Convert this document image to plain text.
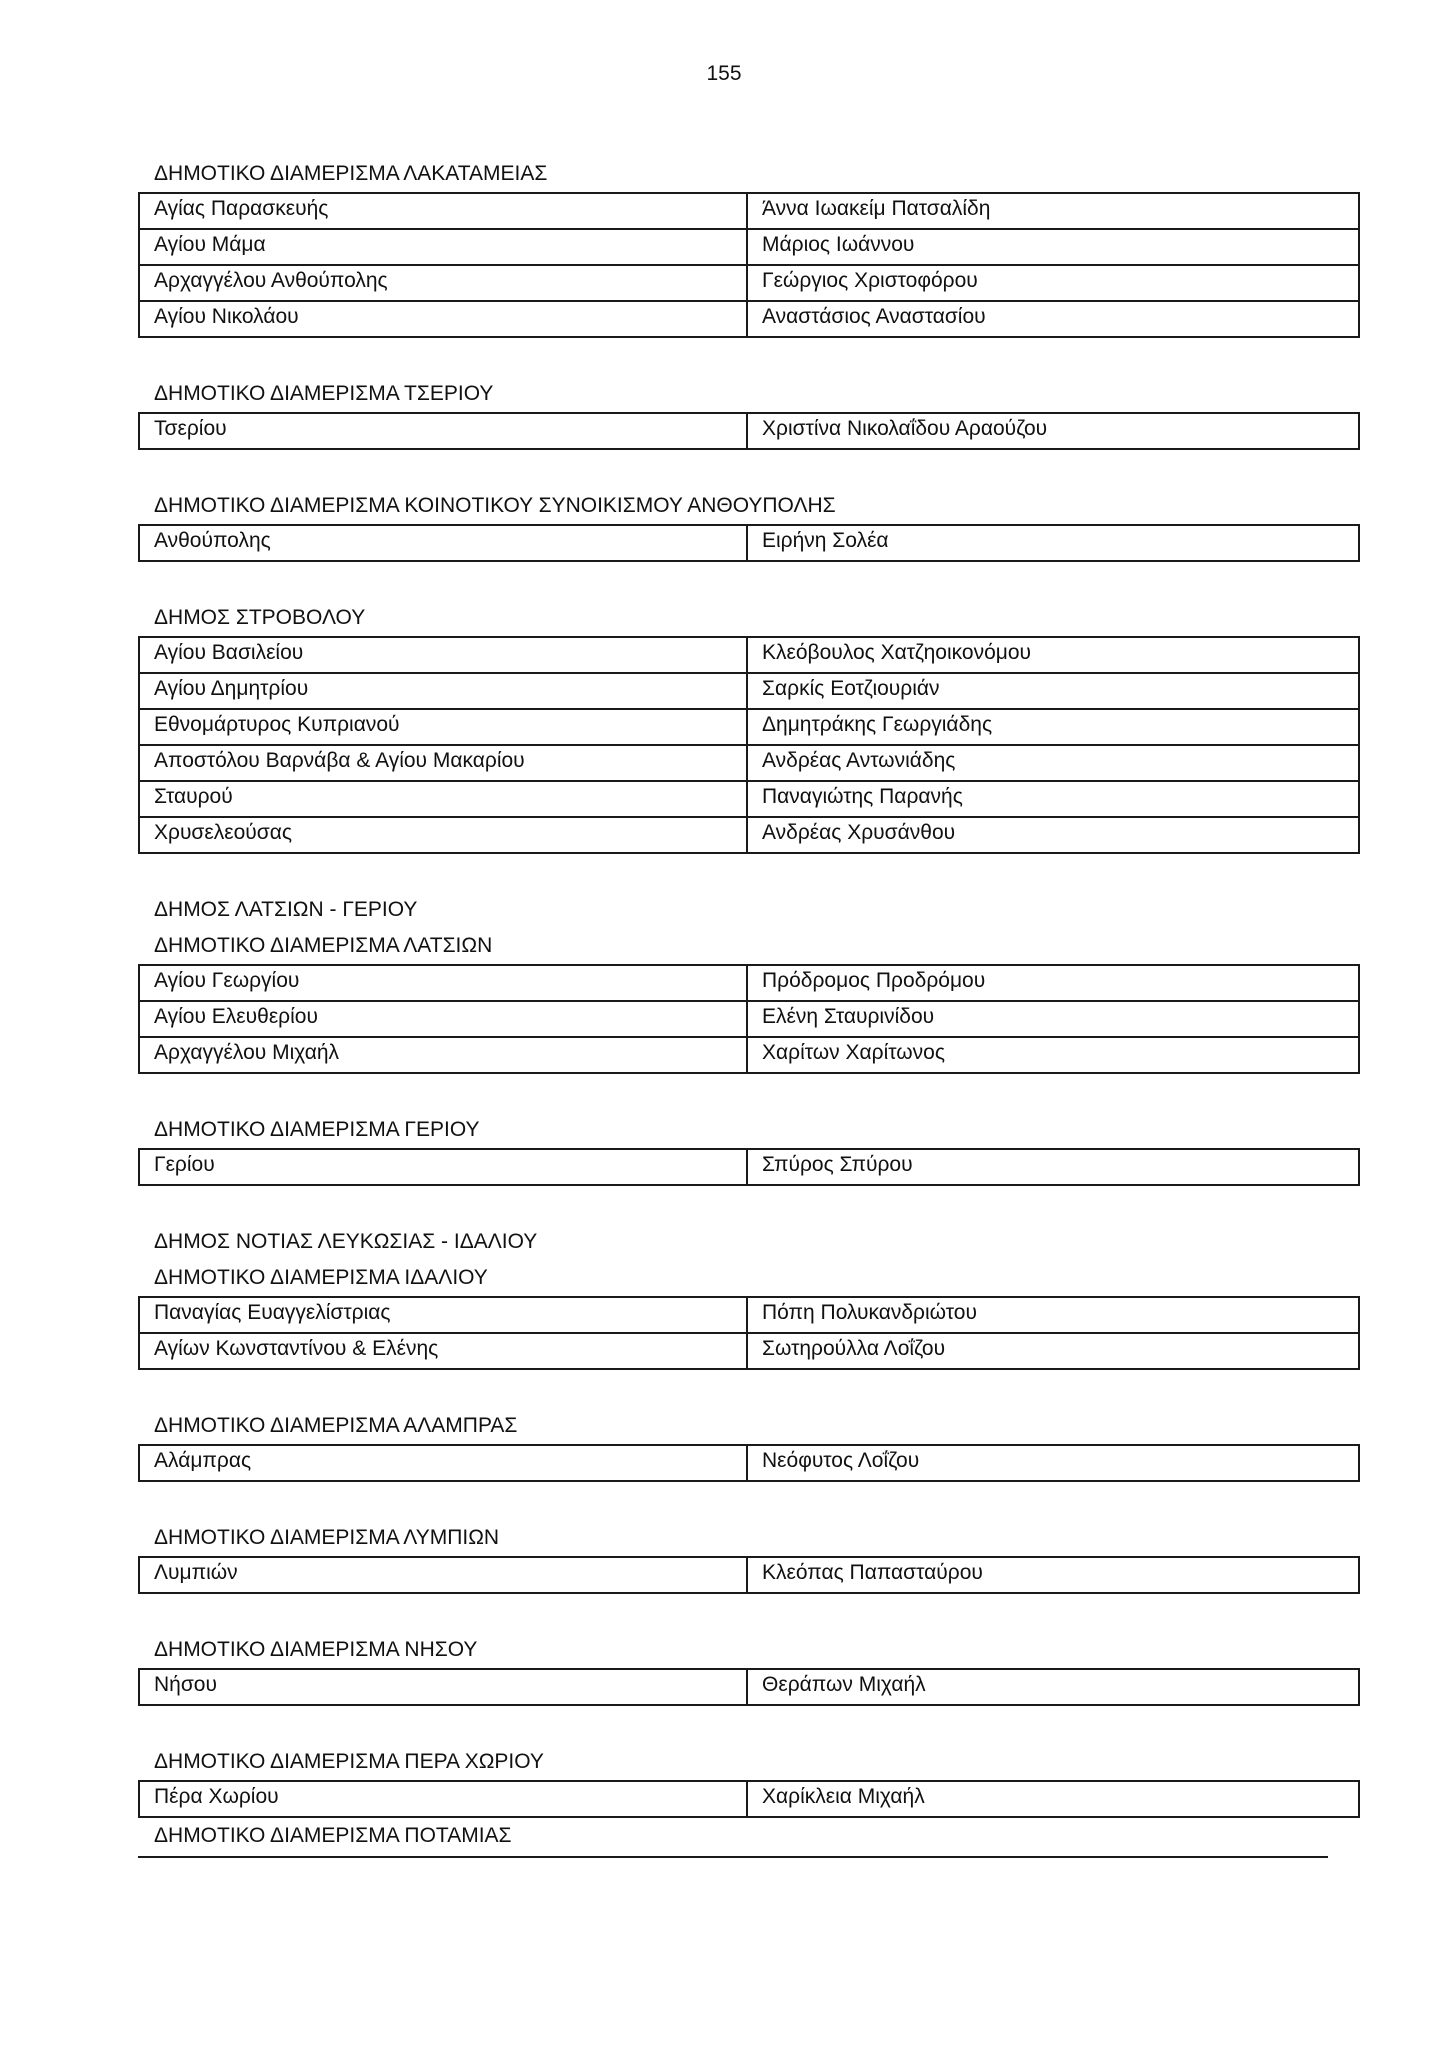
155
ΔΗΜΟΤΙΚΟ ΔΙΑΜΕΡΙΣΜΑ ΛΑΚΑΤΑΜΕΙΑΣ
Αγίας Παρασκευής	Άννα Ιωακείμ Πατσαλίδη
Αγίου Μάμα	Μάριος Ιωάννου
Αρχαγγέλου Ανθούπολης	Γεώργιος Χριστοφόρου
Αγίου Νικολάου	Αναστάσιος Αναστασίου
ΔΗΜΟΤΙΚΟ ΔΙΑΜΕΡΙΣΜΑ ΤΣΕΡΙΟΥ
Τσερίου	Χριστίνα Νικολαΐδου Αραούζου
ΔΗΜΟΤΙΚΟ ΔΙΑΜΕΡΙΣΜΑ ΚΟΙΝΟΤΙΚΟΥ ΣΥΝΟΙΚΙΣΜΟΥ ΑΝΘΟΥΠΟΛΗΣ
Ανθούπολης	Ειρήνη Σολέα
ΔΗΜΟΣ ΣΤΡΟΒΟΛΟΥ
Αγίου Βασιλείου	Κλεόβουλος Χατζηοικονόμου
Αγίου Δημητρίου	Σαρκίς Εοτζιουριάν
Εθνομάρτυρος Κυπριανού	Δημητράκης Γεωργιάδης
Αποστόλου Βαρνάβα & Αγίου Μακαρίου	Ανδρέας Αντωνιάδης
Σταυρού	Παναγιώτης Παρανής
Χρυσελεούσας	Ανδρέας Χρυσάνθου
ΔΗΜΟΣ ΛΑΤΣΙΩΝ - ΓΕΡΙΟΥ
ΔΗΜΟΤΙΚΟ ΔΙΑΜΕΡΙΣΜΑ ΛΑΤΣΙΩΝ
Αγίου Γεωργίου	Πρόδρομος Προδρόμου
Αγίου Ελευθερίου	Ελένη Σταυρινίδου
Αρχαγγέλου Μιχαήλ	Χαρίτων Χαρίτωνος
ΔΗΜΟΤΙΚΟ ΔΙΑΜΕΡΙΣΜΑ ΓΕΡΙΟΥ
Γερίου	Σπύρος Σπύρου
ΔΗΜΟΣ ΝΟΤΙΑΣ ΛΕΥΚΩΣΙΑΣ - ΙΔΑΛΙΟΥ
ΔΗΜΟΤΙΚΟ ΔΙΑΜΕΡΙΣΜΑ ΙΔΑΛΙΟΥ
Παναγίας Ευαγγελίστριας	Πόπη Πολυκανδριώτου
Αγίων Κωνσταντίνου & Ελένης	Σωτηρούλλα Λοΐζου
ΔΗΜΟΤΙΚΟ ΔΙΑΜΕΡΙΣΜΑ ΑΛΑΜΠΡΑΣ
Αλάμπρας	Νεόφυτος Λοΐζου
ΔΗΜΟΤΙΚΟ ΔΙΑΜΕΡΙΣΜΑ ΛΥΜΠΙΩΝ
Λυμπιών	Κλεόπας Παπασταύρου
ΔΗΜΟΤΙΚΟ ΔΙΑΜΕΡΙΣΜΑ ΝΗΣΟΥ
Νήσου	Θεράπων Μιχαήλ
ΔΗΜΟΤΙΚΟ ΔΙΑΜΕΡΙΣΜΑ ΠΕΡΑ ΧΩΡΙΟΥ
Πέρα Χωρίου	Χαρίκλεια Μιχαήλ
ΔΗΜΟΤΙΚΟ ΔΙΑΜΕΡΙΣΜΑ ΠΟΤΑΜΙΑΣ
